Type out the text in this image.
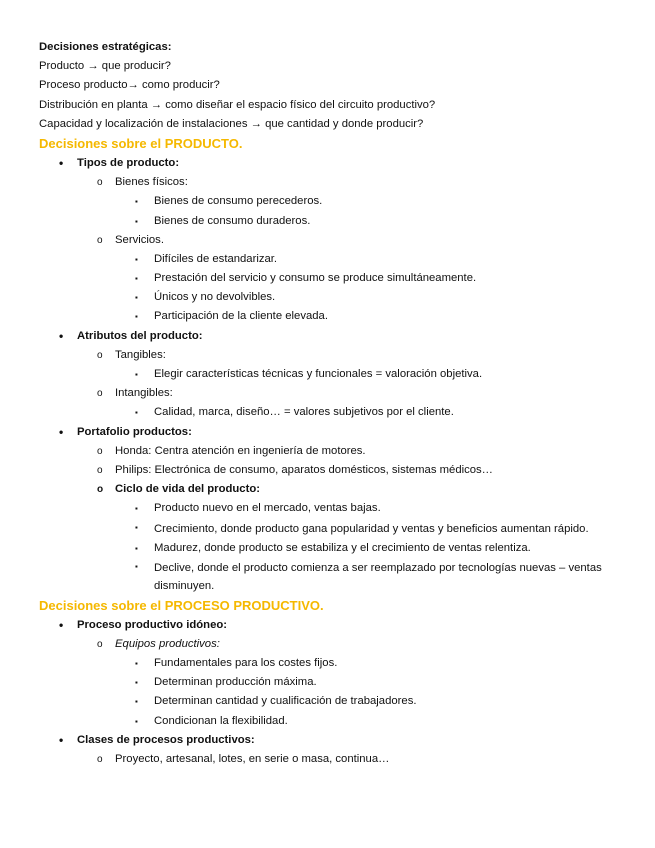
Decisiones estratégicas:
Producto → que producir?
Proceso producto→ como producir?
Distribución en planta → como diseñar el espacio físico del circuito productivo?
Capacidad y localización de instalaciones → que cantidad y donde producir?
Decisiones sobre el PRODUCTO.
• Tipos de producto:
o Bienes físicos:
▪ Bienes de consumo perecederos.
▪ Bienes de consumo duraderos.
o Servicios.
▪ Difíciles de estandarizar.
▪ Prestación del servicio y consumo se produce simultáneamente.
▪ Únicos y no devolvibles.
▪ Participación de la cliente elevada.
• Atributos del producto:
o Tangibles:
▪ Elegir características técnicas y funcionales = valoración objetiva.
o Intangibles:
▪ Calidad, marca, diseño… = valores subjetivos por el cliente.
• Portafolio productos:
o Honda: Centra atención en ingeniería de motores.
o Philips: Electrónica de consumo, aparatos domésticos, sistemas médicos…
o Ciclo de vida del producto:
▪ Producto nuevo en el mercado, ventas bajas.
▪ Crecimiento, donde producto gana popularidad y ventas y beneficios aumentan rápido.
▪ Madurez, donde producto se estabiliza y el crecimiento de ventas relentiza.
▪ Declive, donde el producto comienza a ser reemplazado por tecnologías nuevas – ventas disminuyen.
Decisiones sobre el PROCESO PRODUCTIVO.
• Proceso productivo idóneo:
o Equipos productivos:
▪ Fundamentales para los costes fijos.
▪ Determinan producción máxima.
▪ Determinan cantidad y cualificación de trabajadores.
▪ Condicionan la flexibilidad.
• Clases de procesos productivos:
o Proyecto, artesanal, lotes, en serie o masa, continua…
